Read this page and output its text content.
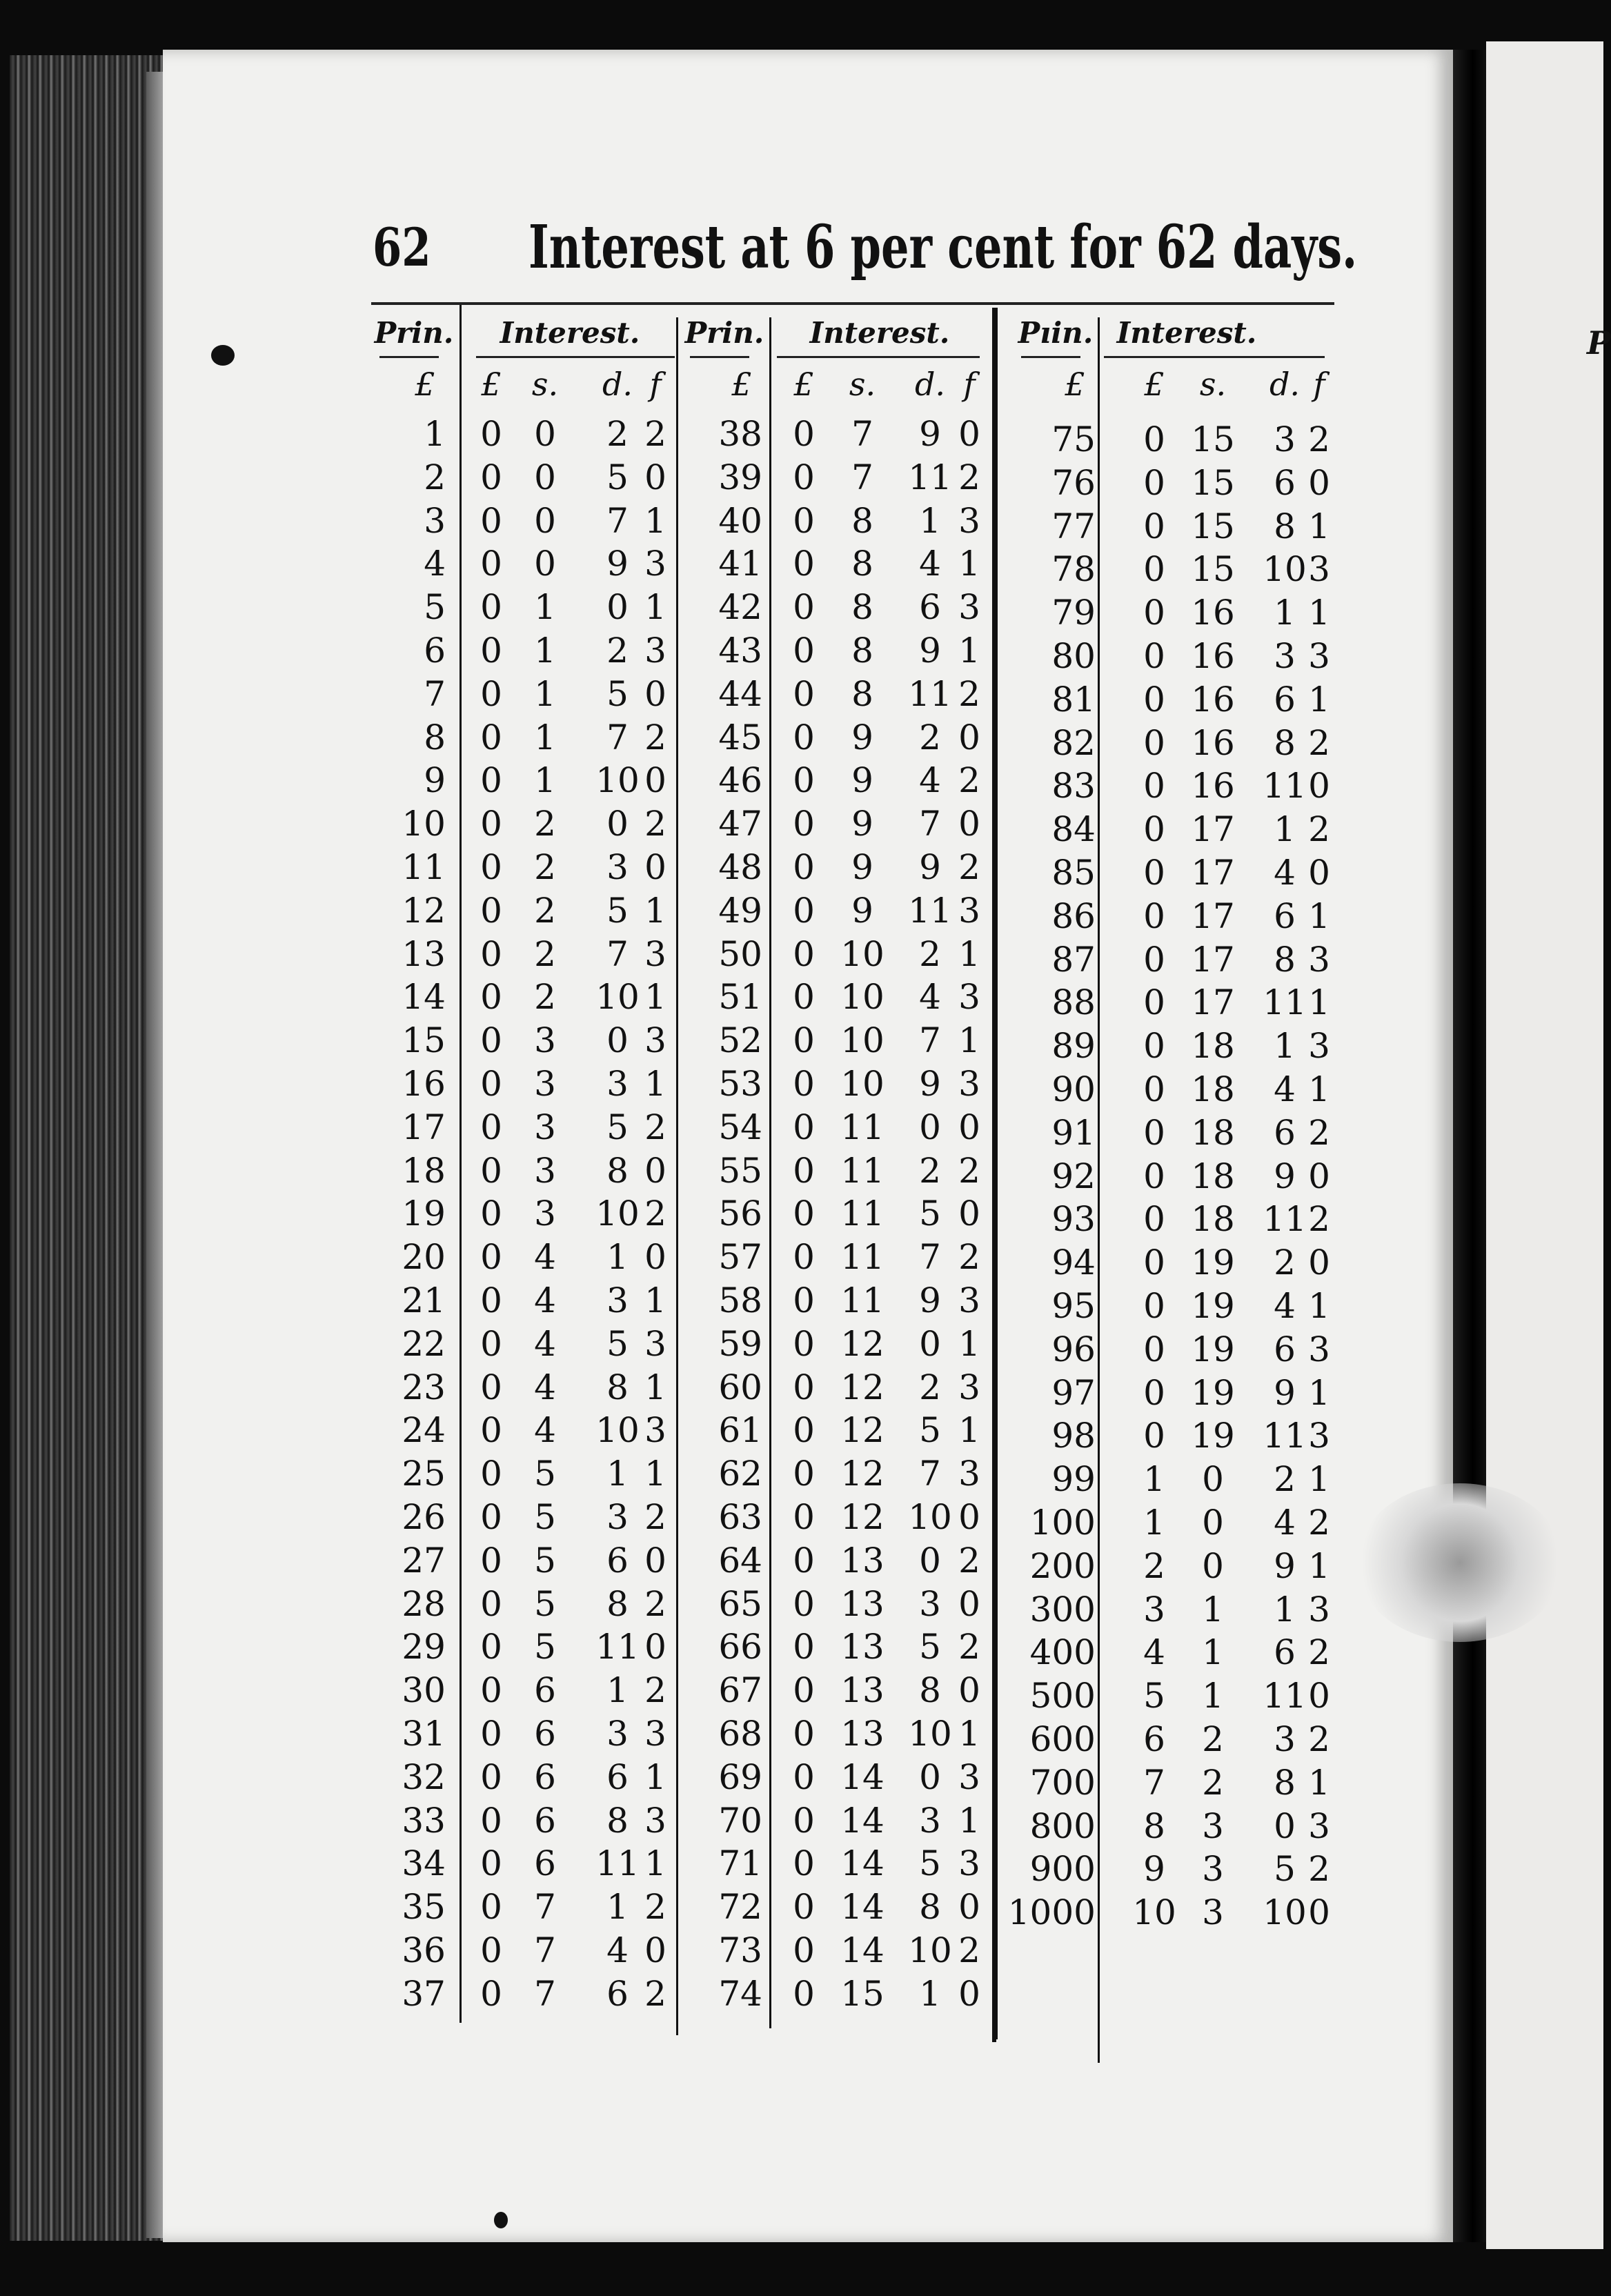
P
62 Interest at 6 per cent for 62 days.
Prin. Interest.
£ £ s. d. f
1 0 0 2 2
2 0 0 5 0
3 0 0 7 1
4 0 0 9 3
5 0 1 0 1
6 0 1 2 3
7 0 1 5 0
8 0 1 7 2
9 0 1 10 0
10 0 2 0 2
11 0 2 3 0
12 0 2 5 1
13 0 2 7 3
14 0 2 10 1
15 0 3 0 3
16 0 3 3 1
17 0 3 5 2
18 0 3 8 0
19 0 3 10 2
20 0 4 1 0
21 0 4 3 1
22 0 4 5 3
23 0 4 8 1
24 0 4 10 3
25 0 5 1 1
26 0 5 3 2
27 0 5 6 0
28 0 5 8 2
29 0 5 11 0
30 0 6 1 2
31 0 6 3 3
32 0 6 6 1
33 0 6 8 3
34 0 6 11 1
35 0 7 1 2
36 0 7 4 0
37 0 7 6 2
Prin. Interest.
£ £ s. d. f
38 0 7 9 0
39 0 7 11 2
40 0 8 1 3
41 0 8 4 1
42 0 8 6 3
43 0 8 9 1
44 0 8 11 2
45 0 9 2 0
46 0 9 4 2
47 0 9 7 0
48 0 9 9 2
49 0 9 11 3
50 0 10 2 1
51 0 10 4 3
52 0 10 7 1
53 0 10 9 3
54 0 11 0 0
55 0 11 2 2
56 0 11 5 0
57 0 11 7 2
58 0 11 9 3
59 0 12 0 1
60 0 12 2 3
61 0 12 5 1
62 0 12 7 3
63 0 12 10 0
64 0 13 0 2
65 0 13 3 0
66 0 13 5 2
67 0 13 8 0
68 0 13 10 1
69 0 14 0 3
70 0 14 3 1
71 0 14 5 3
72 0 14 8 0
73 0 14 10 2
74 0 15 1 0
Pıin. Interest.
£ £ s. d. f
75 0 15 3 2
76 0 15 6 0
77 0 15 8 1
78 0 15 10 3
79 0 16 1 1
80 0 16 3 3
81 0 16 6 1
82 0 16 8 2
83 0 16 11 0
84 0 17 1 2
85 0 17 4 0
86 0 17 6 1
87 0 17 8 3
88 0 17 11 1
89 0 18 1 3
90 0 18 4 1
91 0 18 6 2
92 0 18 9 0
93 0 18 11 2
94 0 19 2 0
95 0 19 4 1
96 0 19 6 3
97 0 19 9 1
98 0 19 11 3
99 1 0 2 1
100 1 0 4 2
200 2 0 9 1
300 3 1 1 3
400 4 1 6 2
500 5 1 11 0
600 6 2 3 2
700 7 2 8 1
800 8 3 0 3
900 9 3 5 2
1000 10 3 10 0
